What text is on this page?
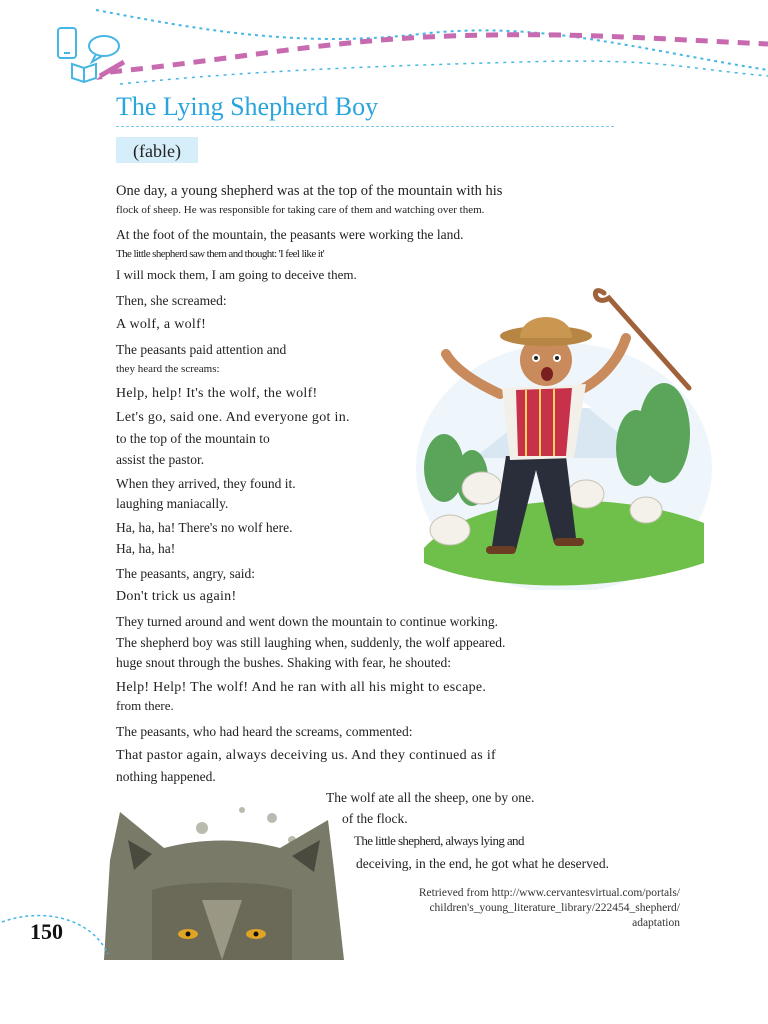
The Lying Shepherd Boy
(fable)
One day, a young shepherd was at the top of the mountain with his
flock of sheep. He was responsible for taking care of them and watching over them.
At the foot of the mountain, the peasants were working the land.
The little shepherd saw them and thought: 'I feel like it'
I will mock them, I am going to deceive them.
Then, she screamed:
A wolf, a wolf!
The peasants paid attention and
they heard the screams:
Help, help! It's the wolf, the wolf!
Let's go, said one. And everyone got in.
to the top of the mountain to
assist the pastor.
When they arrived, they found it.
laughing maniacally.
Ha, ha, ha! There's no wolf here.
Ha, ha, ha!
The peasants, angry, said:
Don't trick us again!
They turned around and went down the mountain to continue working.
The shepherd boy was still laughing when, suddenly, the wolf appeared.
huge snout through the bushes. Shaking with fear, he shouted:
Help! Help! The wolf! And he ran with all his might to escape.
from there.
The peasants, who had heard the screams, commented:
That pastor again, always deceiving us. And they continued as if
nothing happened.
The wolf ate all the sheep, one by one.
of the flock.
The little shepherd, always lying and
deceiving, in the end, he got what he deserved.
Retrieved from http://www.cervantesvirtual.com/portals/
children's_young_literature_library/222454_shepherd/
adaptation
150
